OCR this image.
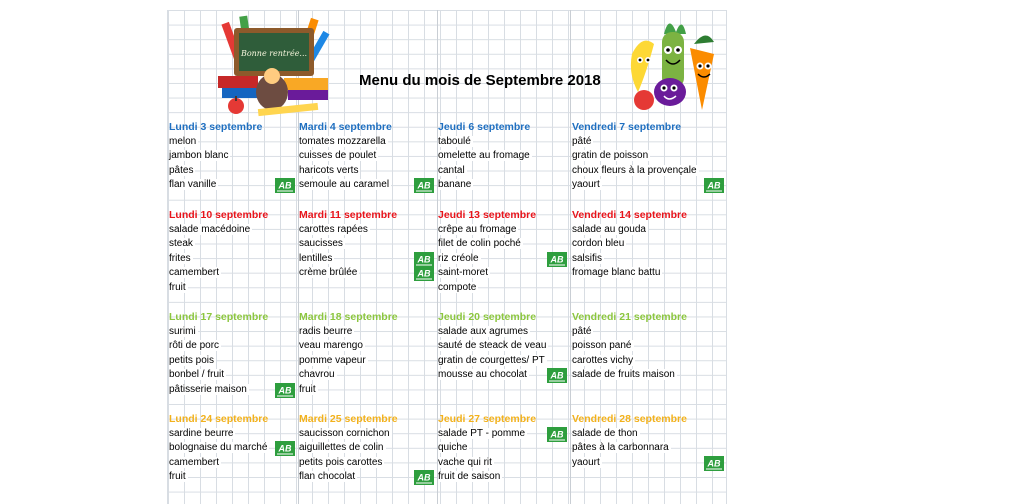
Bonne rentrée...
Menu du mois de Septembre 2018
Lundi 3 septembre
melon
jambon blanc
pâtes
flan vanille	AB
Mardi 4 septembre
tomates mozzarella
cuisses de poulet
haricots verts
semoule au caramel	AB
Jeudi 6 septembre
taboulé
omelette au fromage
cantal
banane
Vendredi 7 septembre
pâté
gratin de poisson
choux fleurs à la provençale
yaourt	AB
Lundi 10 septembre
salade macédoine
steak
frites
camembert
fruit
Mardi 11 septembre
carottes rapées
saucisses
lentilles	AB
crème brûlée	AB
Jeudi 13 septembre
crêpe au fromage
filet de colin poché
riz créole	AB
saint-moret
compote
Vendredi 14 septembre
salade au gouda
cordon bleu
salsifis
fromage blanc battu
Lundi 17 septembre
surimi
rôti de porc
petits pois
bonbel / fruit
pâtisserie maison	AB
Mardi 18 septembre
radis beurre
veau marengo
pomme vapeur
chavrou
fruit
Jeudi 20 septembre
salade aux agrumes
sauté de steack de veau
gratin de courgettes/ PT
mousse au chocolat	AB
Vendredi 21 septembre
pâté
poisson pané
carottes vichy
salade de fruits maison
Lundi 24 septembre
sardine beurre
bolognaise du marché AB
camembert
fruit
Mardi 25 septembre
saucisson cornichon
aiguillettes de colin
petits pois carottes
flan chocolat	AB
Jeudi 27 septembre
salade PT - pomme	AB
quiche
vache qui rit
fruit de saison
Vendredi 28 septembre
salade de thon
pâtes à la carbonnara
yaourt	AB
